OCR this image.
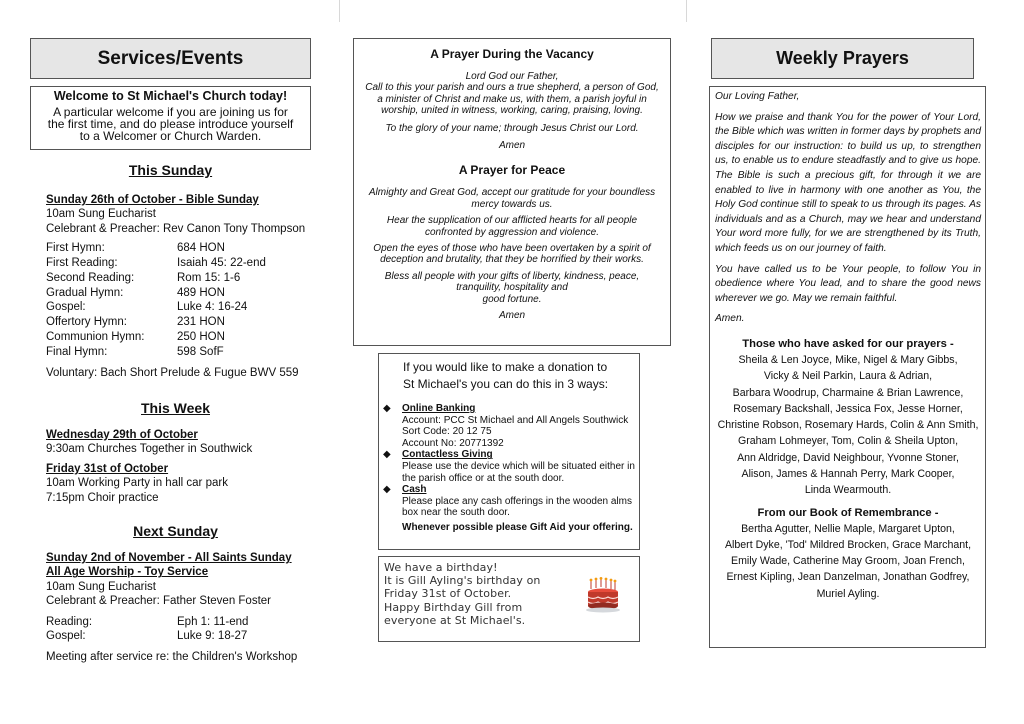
Services/Events
Welcome to St Michael's Church today!
A particular welcome if you are joining us for
the first time, and do please introduce yourself
to a Welcomer or Church Warden.
This Sunday
Sunday 26th of October - Bible Sunday
10am Sung Eucharist
Celebrant & Preacher: Rev Canon Tony Thompson
First Hymn:	684 HON
First Reading:	Isaiah 45: 22-end
Second Reading:	Rom 15: 1-6
Gradual Hymn:	489 HON
Gospel:	Luke 4: 16-24
Offertory Hymn:	231 HON
Communion Hymn:	250 HON
Final Hymn:	598 SofF
Voluntary: Bach Short Prelude & Fugue BWV 559
This Week
Wednesday 29th of October
9:30am Churches Together in Southwick
Friday 31st of October
10am Working Party in hall car park
7:15pm Choir practice
Next Sunday
Sunday 2nd of November - All Saints Sunday
All Age Worship - Toy Service
10am Sung Eucharist
Celebrant & Preacher: Father Steven Foster
Reading:	Eph 1: 11-end
Gospel:	Luke 9: 18-27
Meeting after service re: the Children's Workshop
A Prayer During the Vacancy
Lord God our Father,
Call to this your parish and ours a true shepherd, a person of God,
a minister of Christ and make us, with them, a parish joyful in
worship, united in witness, working, caring, praising, loving.
To the glory of your name; through Jesus Christ our Lord.
Amen
A Prayer for Peace
Almighty and Great God, accept our gratitude for your boundless
mercy towards us.
Hear the supplication of our afflicted hearts for all people
confronted by aggression and violence.
Open the eyes of those who have been overtaken by a spirit of
deception and brutality, that they be horrified by their works.
Bless all people with your gifts of liberty, kindness, peace,
tranquility, hospitality and
good fortune.
Amen
If you would like to make a donation to
St Michael's you can do this in 3 ways:
◆	Online Banking
Account: PCC St Michael and All Angels Southwick
Sort Code: 20 12 75
Account No: 20771392
◆	Contactless Giving
Please use the device which will be situated either in
the parish office or at the south door.
◆	Cash
Please place any cash offerings in the wooden alms
box near the south door.
Whenever possible please Gift Aid your offering.
We have a birthday!
It is Gill Ayling's birthday on
Friday 31st of October.
Happy Birthday Gill from
everyone at St Michael's.
Weekly Prayers
Our Loving Father,
How we praise and thank You for the power of Your Lord, the Bible which was written in former days by prophets and disciples for our instruction: to build us up, to strengthen us, to enable us to endure steadfastly and to give us hope. The Bible is such a precious gift, for through it we are enabled to live in harmony with one another as You, the Holy God continue still to speak to us through its pages. As individuals and as a Church, may we hear and understand Your word more fully, for we are strengthened by its Truth, which feeds us on our journey of faith.
You have called us to be Your people, to follow You in obedience where You lead, and to share the good news wherever we go. May we remain faithful.
Amen.
Those who have asked for our prayers -
Sheila & Len Joyce, Mike, Nigel & Mary Gibbs,
Vicky & Neil Parkin, Laura & Adrian,
Barbara Woodrup, Charmaine & Brian Lawrence,
Rosemary Backshall, Jessica Fox, Jesse Horner,
Christine Robson, Rosemary Hards, Colin & Ann Smith,
Graham Lohmeyer, Tom, Colin & Sheila Upton,
Ann Aldridge, David Neighbour, Yvonne Stoner,
Alison, James & Hannah Perry, Mark Cooper,
Linda Wearmouth.
From our Book of Remembrance -
Bertha Agutter, Nellie Maple, Margaret Upton,
Albert Dyke, 'Tod' Mildred Brocken, Grace Marchant,
Emily Wade, Catherine May Groom, Joan French,
Ernest Kipling, Jean Danzelman, Jonathan Godfrey,
Muriel Ayling.
